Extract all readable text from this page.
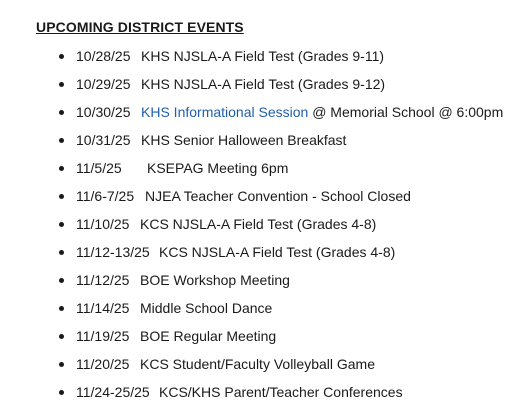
UPCOMING DISTRICT EVENTS
10/28/25 KHS NJSLA-A Field Test (Grades 9-11)
10/29/25 KHS NJSLA-A Field Test (Grades 9-12)
10/30/25 KHS Informational Session @ Memorial School @ 6:00pm
10/31/25 KHS Senior Halloween Breakfast
11/5/25 KSEPAG Meeting 6pm
11/6-7/25 NJEA Teacher Convention - School Closed
11/10/25 KCS NJSLA-A Field Test (Grades 4-8)
11/12-13/25 KCS NJSLA-A Field Test (Grades 4-8)
11/12/25 BOE Workshop Meeting
11/14/25 Middle School Dance
11/19/25 BOE Regular Meeting
11/20/25 KCS Student/Faculty Volleyball Game
11/24-25/25 KCS/KHS Parent/Teacher Conferences
